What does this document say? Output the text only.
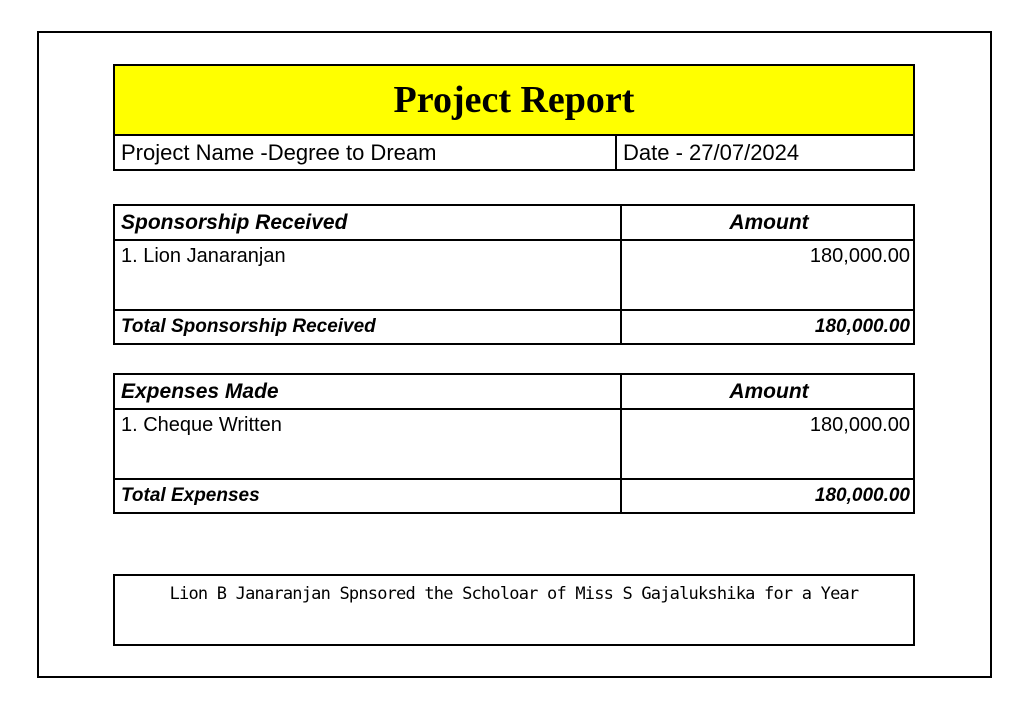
Project Report
Project Name -Degree to Dream	Date - 27/07/2024
Sponsorship Received	Amount
1. Lion Janaranjan	180,000.00
Total Sponsorship Received	180,000.00
Expenses Made	Amount
1. Cheque Written	180,000.00
Total Expenses	180,000.00
Lion B Janaranjan Spnsored the Scholoar of Miss S Gajalukshika for a Year
